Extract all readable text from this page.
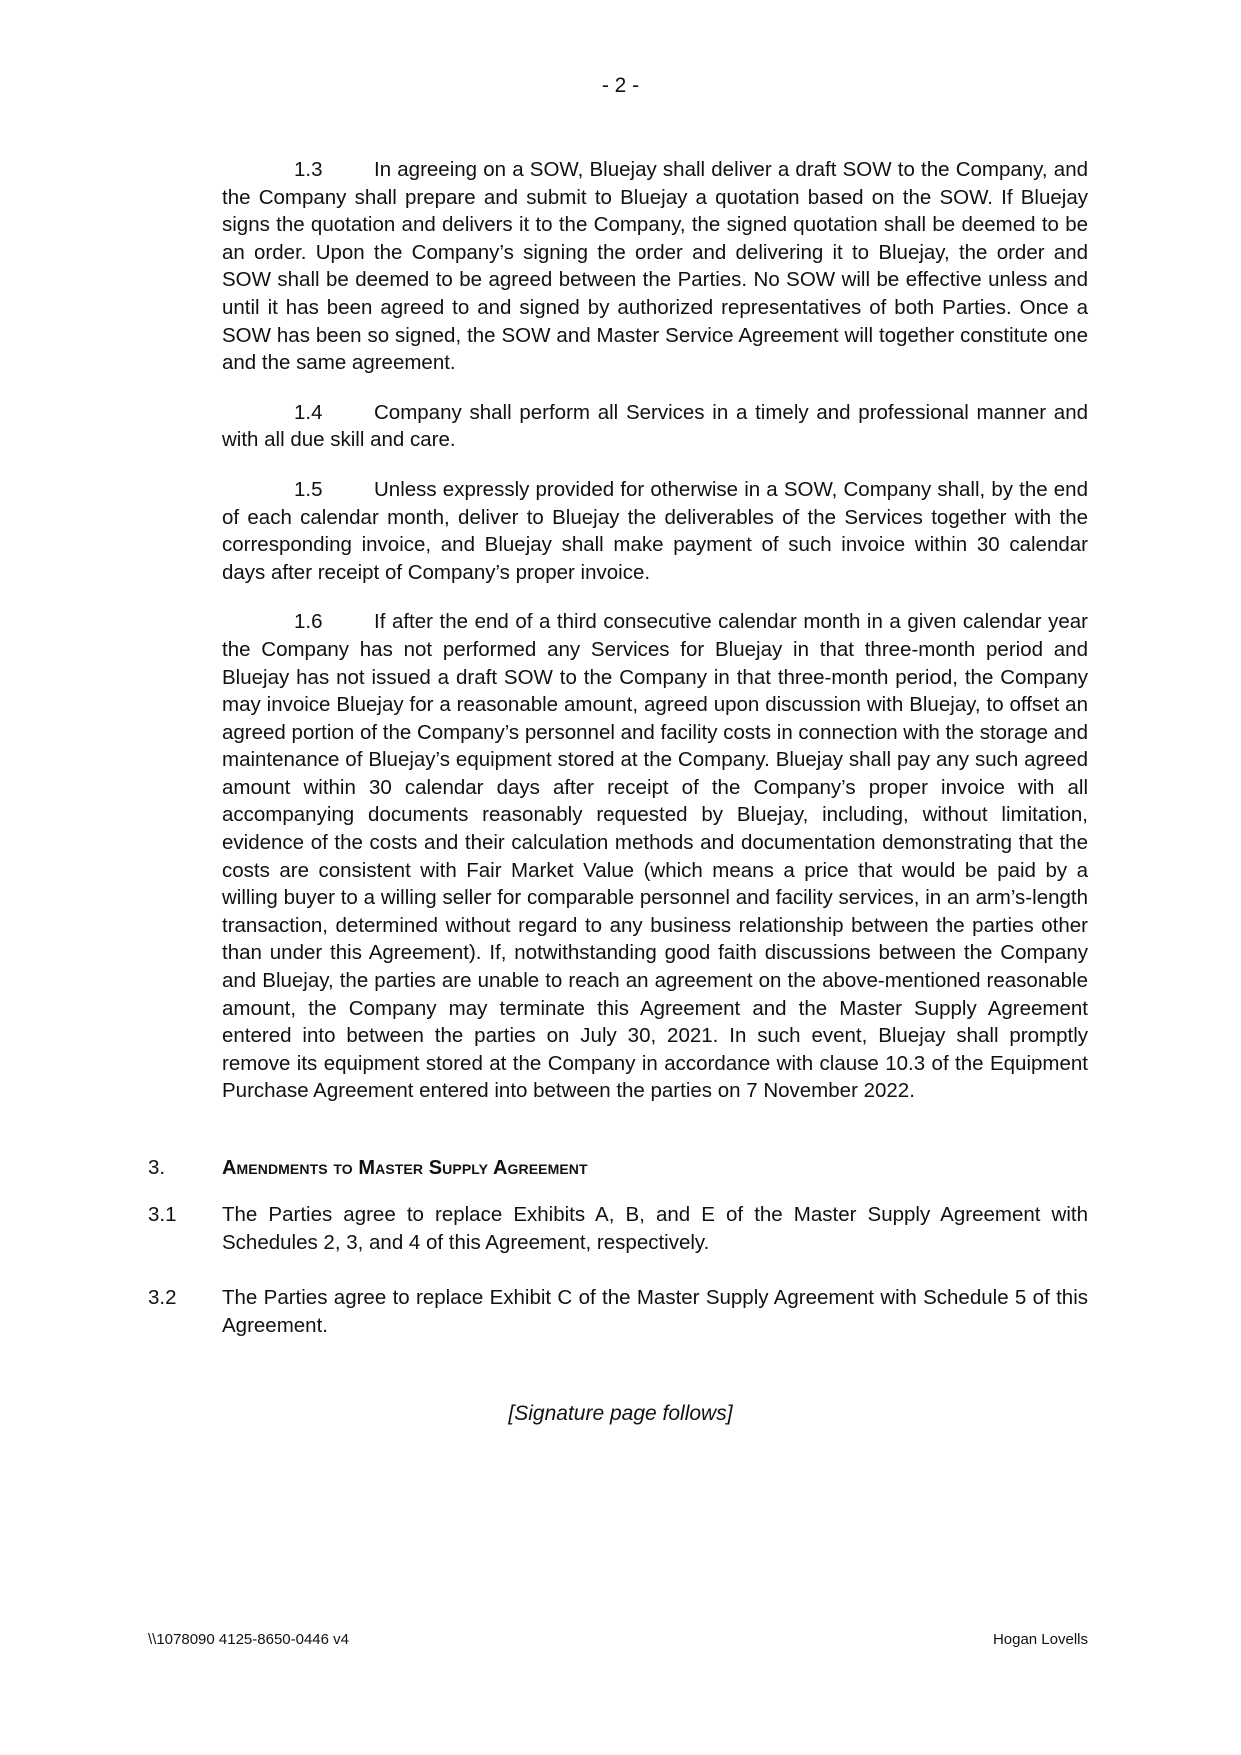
- 2 -

1.3	In agreeing on a SOW, Bluejay shall deliver a draft SOW to the Company, and the Company shall prepare and submit to Bluejay a quotation based on the SOW. If Bluejay signs the quotation and delivers it to the Company, the signed quotation shall be deemed to be an order. Upon the Company’s signing the order and delivering it to Bluejay, the order and SOW shall be deemed to be agreed between the Parties. No SOW will be effective unless and until it has been agreed to and signed by authorized representatives of both Parties. Once a SOW has been so signed, the SOW and Master Service Agreement will together constitute one and the same agreement.

1.4	Company shall perform all Services in a timely and professional manner and with all due skill and care.

1.5	Unless expressly provided for otherwise in a SOW, Company shall, by the end of each calendar month, deliver to Bluejay the deliverables of the Services together with the corresponding invoice, and Bluejay shall make payment of such invoice within 30 calendar days after receipt of Company’s proper invoice.

1.6	If after the end of a third consecutive calendar month in a given calendar year the Company has not performed any Services for Bluejay in that three-month period and Bluejay has not issued a draft SOW to the Company in that three-month period, the Company may invoice Bluejay for a reasonable amount, agreed upon discussion with Bluejay, to offset an agreed portion of the Company’s personnel and facility costs in connection with the storage and maintenance of Bluejay’s equipment stored at the Company. Bluejay shall pay any such agreed amount within 30 calendar days after receipt of the Company’s proper invoice with all accompanying documents reasonably requested by Bluejay, including, without limitation, evidence of the costs and their calculation methods and documentation demonstrating that the costs are consistent with Fair Market Value (which means a price that would be paid by a willing buyer to a willing seller for comparable personnel and facility services, in an arm’s-length transaction, determined without regard to any business relationship between the parties other than under this Agreement). If, notwithstanding good faith discussions between the Company and Bluejay, the parties are unable to reach an agreement on the above-mentioned reasonable amount, the Company may terminate this Agreement and the Master Supply Agreement entered into between the parties on July 30, 2021. In such event, Bluejay shall promptly remove its equipment stored at the Company in accordance with clause 10.3 of the Equipment Purchase Agreement entered into between the parties on 7 November 2022.

3.	Amendments to Master Supply Agreement
3.1 The Parties agree to replace Exhibits A, B, and E of the Master Supply Agreement with Schedules 2, 3, and 4 of this Agreement, respectively.
3.2 The Parties agree to replace Exhibit C of the Master Supply Agreement with Schedule 5 of this Agreement.
[Signature page follows]
\\1078090 4125-8650-0446 v4	Hogan Lovells
